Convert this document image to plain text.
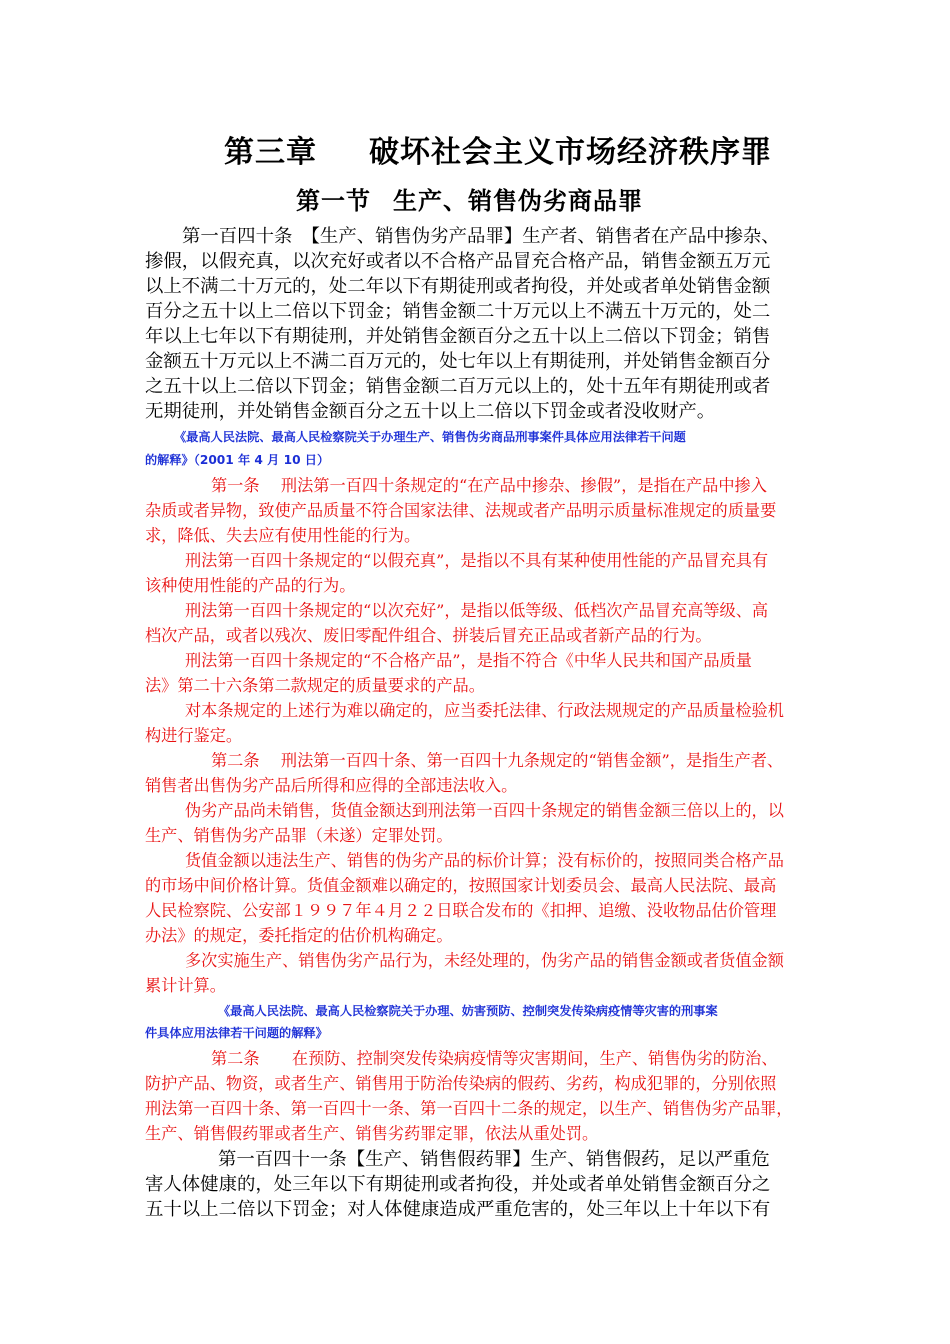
第三章 破坏社会主义市场经济秩序罪
第一节 生产、销售伪劣商品罪
第一百四十条　【生产、销售伪劣产品罪】生产者、销售者在产品中掺杂、
掺假，以假充真，以次充好或者以不合格产品冒充合格产品，销售金额五万元
以上不满二十万元的，处二年以下有期徒刑或者拘役，并处或者单处销售金额
百分之五十以上二倍以下罚金；销售金额二十万元以上不满五十万元的，处二
年以上七年以下有期徒刑，并处销售金额百分之五十以上二倍以下罚金；销售
金额五十万元以上不满二百万元的，处七年以上有期徒刑，并处销售金额百分
之五十以上二倍以下罚金；销售金额二百万元以上的，处十五年有期徒刑或者
无期徒刑，并处销售金额百分之五十以上二倍以下罚金或者没收财产。
《最高人民法院、最高人民检察院关于办理生产、销售伪劣商品刑事案件具体应用法律若干问题
的解释》（2001 年 4 月 10 日）
第一条　 刑法第一百四十条规定的“在产品中掺杂、掺假”，是指在产品中掺入
杂质或者异物，致使产品质量不符合国家法律、法规或者产品明示质量标准规定的质量要
求，降低、失去应有使用性能的行为。
刑法第一百四十条规定的“以假充真”，是指以不具有某种使用性能的产品冒充具有
该种使用性能的产品的行为。
刑法第一百四十条规定的“以次充好”，是指以低等级、低档次产品冒充高等级、高
档次产品，或者以残次、废旧零配件组合、拼装后冒充正品或者新产品的行为。
刑法第一百四十条规定的“不合格产品”，是指不符合《中华人民共和国产品质量
法》第二十六条第二款规定的质量要求的产品。
对本条规定的上述行为难以确定的，应当委托法律、行政法规规定的产品质量检验机
构进行鉴定。
第二条　 刑法第一百四十条、第一百四十九条规定的“销售金额”，是指生产者、
销售者出售伪劣产品后所得和应得的全部违法收入。
伪劣产品尚未销售，货值金额达到刑法第一百四十条规定的销售金额三倍以上的，以
生产、销售伪劣产品罪（未遂）定罪处罚。
货值金额以违法生产、销售的伪劣产品的标价计算；没有标价的，按照同类合格产品
的市场中间价格计算。货值金额难以确定的，按照国家计划委员会、最高人民法院、最高
人民检察院、公安部１９９７年４月２２日联合发布的《扣押、追缴、没收物品估价管理
办法》的规定，委托指定的估价机构确定。
多次实施生产、销售伪劣产品行为，未经处理的，伪劣产品的销售金额或者货值金额
累计计算。
《最高人民法院、最高人民检察院关于办理、妨害预防、控制突发传染病疫情等灾害的刑事案
件具体应用法律若干问题的解释》
第二条　　在预防、控制突发传染病疫情等灾害期间，生产、销售伪劣的防治、
防护产品、物资，或者生产、销售用于防治传染病的假药、劣药，构成犯罪的，分别依照
刑法第一百四十条、第一百四十一条、第一百四十二条的规定，以生产、销售伪劣产品罪，
生产、销售假药罪或者生产、销售劣药罪定罪，依法从重处罚。
第一百四十一条【生产、销售假药罪】生产、销售假药，足以严重危
害人体健康的，处三年以下有期徒刑或者拘役，并处或者单处销售金额百分之
五十以上二倍以下罚金；对人体健康造成严重危害的，处三年以上十年以下有
